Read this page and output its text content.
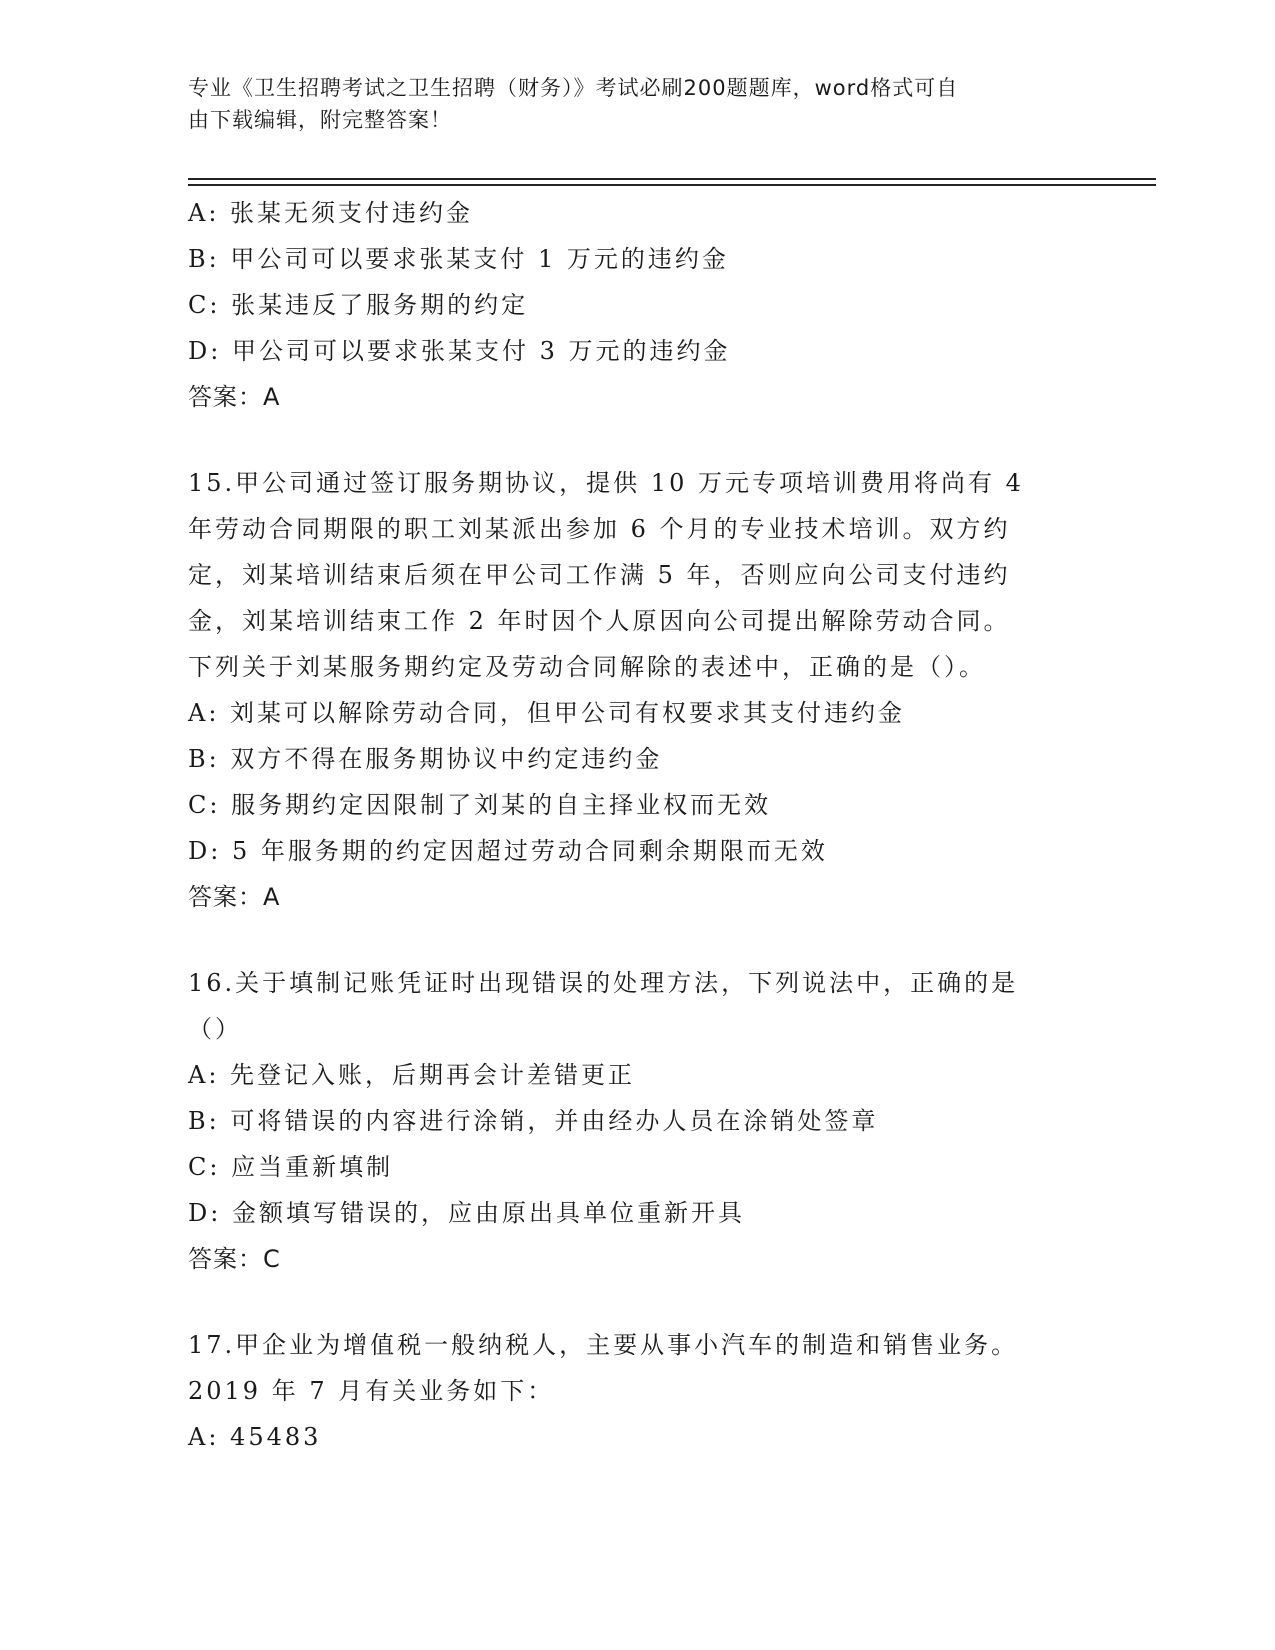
专业《卫生招聘考试之卫生招聘（财务）》考试必刷200题题库，word格式可自
由下载编辑，附完整答案！
A: 张某无须支付违约金
B: 甲公司可以要求张某支付 1 万元的违约金
C: 张某违反了服务期的约定
D: 甲公司可以要求张某支付 3 万元的违约金
答案：A
15.甲公司通过签订服务期协议，提供 10 万元专项培训费用将尚有 4
年劳动合同期限的职工刘某派出参加 6 个月的专业技术培训。双方约
定，刘某培训结束后须在甲公司工作满 5 年，否则应向公司支付违约
金，刘某培训结束工作 2 年时因个人原因向公司提出解除劳动合同。
下列关于刘某服务期约定及劳动合同解除的表述中，正确的是（）。
A: 刘某可以解除劳动合同，但甲公司有权要求其支付违约金
B: 双方不得在服务期协议中约定违约金
C: 服务期约定因限制了刘某的自主择业权而无效
D: 5 年服务期的约定因超过劳动合同剩余期限而无效
答案：A
16.关于填制记账凭证时出现错误的处理方法，下列说法中，正确的是
（）
A: 先登记入账，后期再会计差错更正
B: 可将错误的内容进行涂销，并由经办人员在涂销处签章
C: 应当重新填制
D: 金额填写错误的，应由原出具单位重新开具
答案：C
17.甲企业为增值税一般纳税人，主要从事小汽车的制造和销售业务。
2019 年 7 月有关业务如下：
A: 45483
